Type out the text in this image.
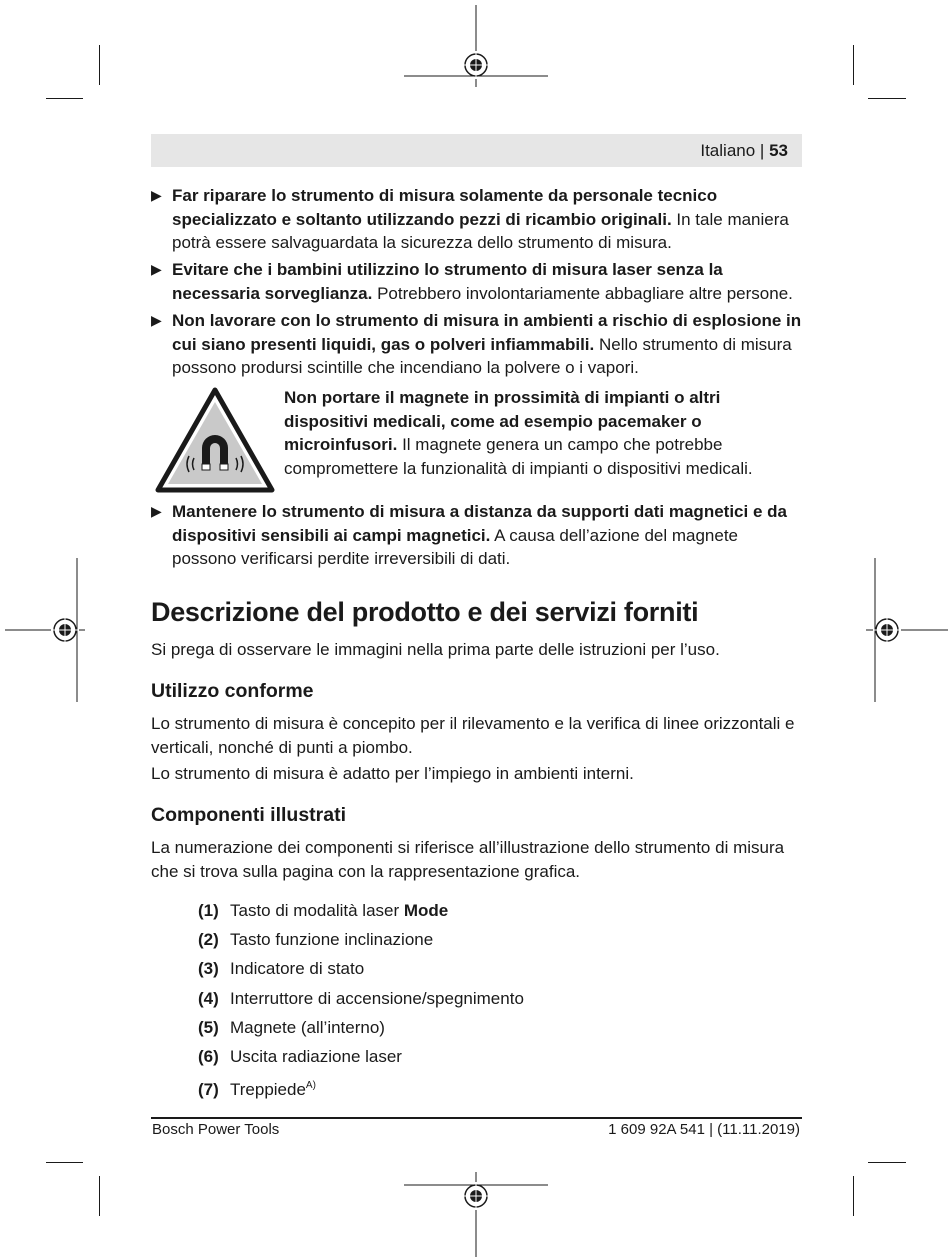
Italiano | 53
▶ Far riparare lo strumento di misura solamente da personale tecnico specializzato e soltanto utilizzando pezzi di ricambio originali. In tale maniera potrà essere salvaguardata la sicurezza dello strumento di misura.
▶ Evitare che i bambini utilizzino lo strumento di misura laser senza la necessaria sorveglianza. Potrebbero involontariamente abbagliare altre persone.
▶ Non lavorare con lo strumento di misura in ambienti a rischio di esplosione in cui siano presenti liquidi, gas o polveri infiammabili. Nello strumento di misura possono prodursi scintille che incendiano la polvere o i vapori.
Non portare il magnete in prossimità di impianti o altri dispositivi medicali, come ad esempio pacemaker o microinfusori. Il magnete genera un campo che potrebbe compromettere la funzionalità di impianti o dispositivi medicali.
▶ Mantenere lo strumento di misura a distanza da supporti dati magnetici e da dispositivi sensibili ai campi magnetici. A causa dell’azione del magnete possono verificarsi perdite irreversibili di dati.
Descrizione del prodotto e dei servizi forniti
Si prega di osservare le immagini nella prima parte delle istruzioni per l’uso.
Utilizzo conforme
Lo strumento di misura è concepito per il rilevamento e la verifica di linee orizzontali e verticali, nonché di punti a piombo.
Lo strumento di misura è adatto per l’impiego in ambienti interni.
Componenti illustrati
La numerazione dei componenti si riferisce all’illustrazione dello strumento di misura che si trova sulla pagina con la rappresentazione grafica.
(1) Tasto di modalità laser Mode
(2) Tasto funzione inclinazione
(3) Indicatore di stato
(4) Interruttore di accensione/spegnimento
(5) Magnete (all’interno)
(6) Uscita radiazione laser
(7) Treppiede$^{A)}$
Bosch Power Tools	1 609 92A 541 | (11.11.2019)
